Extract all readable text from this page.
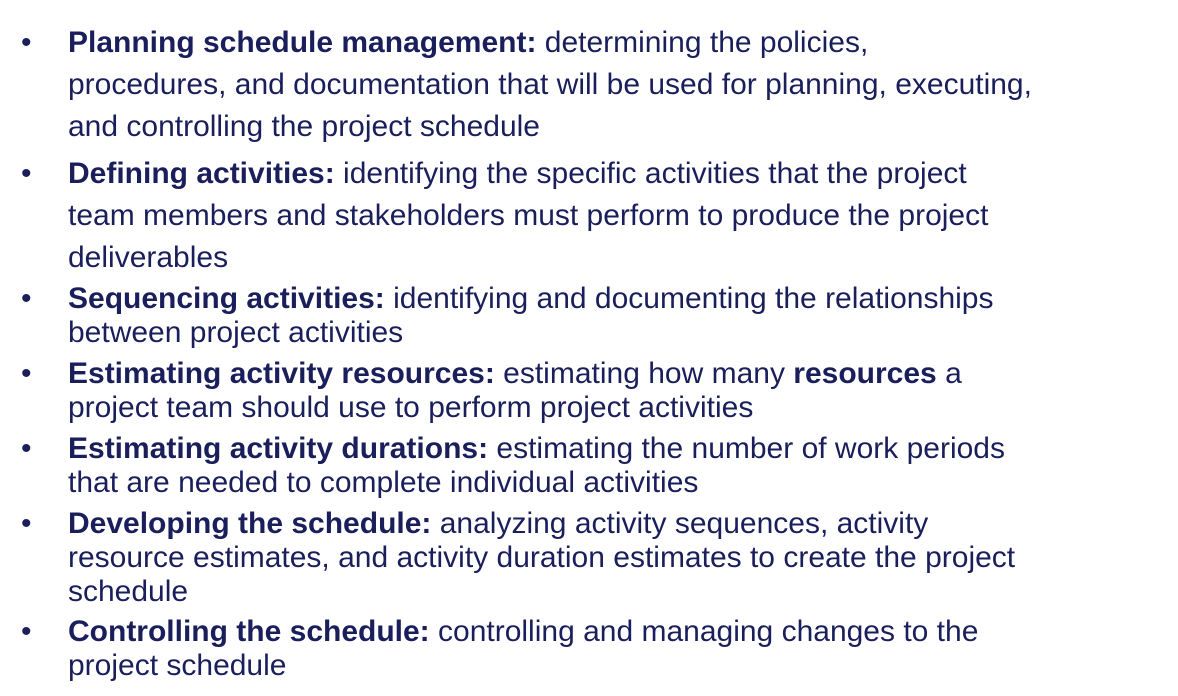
• Planning schedule management: determining the policies,
procedures, and documentation that will be used for planning, executing,
and controlling the project schedule
• Defining activities: identifying the specific activities that the project
team members and stakeholders must perform to produce the project
deliverables
• Sequencing activities: identifying and documenting the relationships
between project activities
• Estimating activity resources: estimating how many resources a
project team should use to perform project activities
• Estimating activity durations: estimating the number of work periods
that are needed to complete individual activities
• Developing the schedule: analyzing activity sequences, activity
resource estimates, and activity duration estimates to create the project
schedule
• Controlling the schedule: controlling and managing changes to the
project schedule
